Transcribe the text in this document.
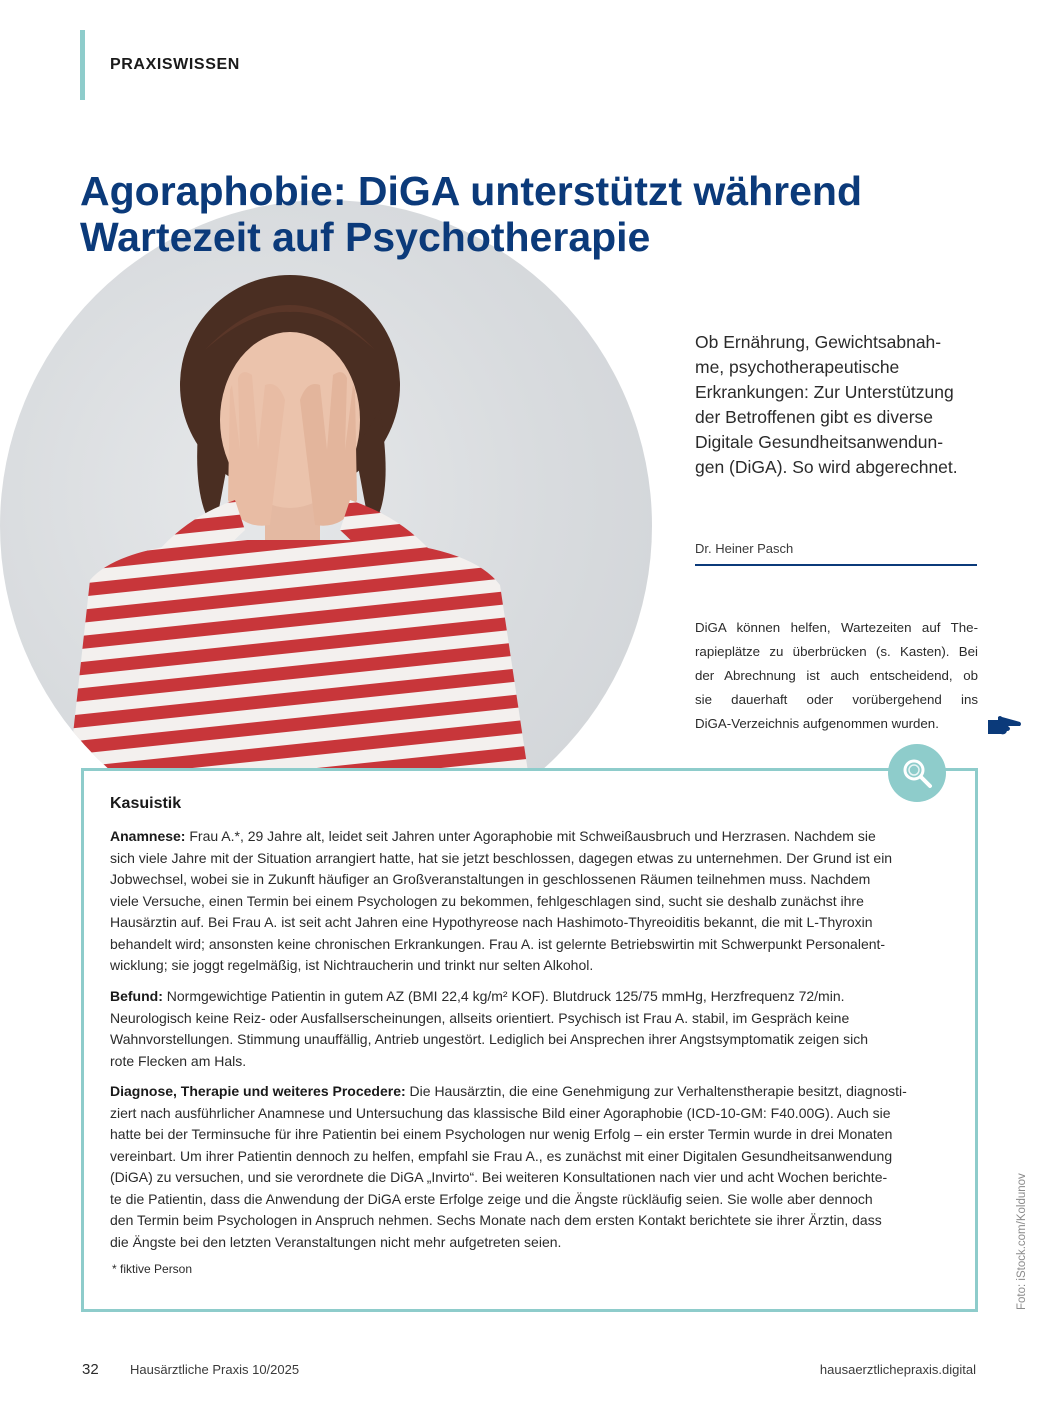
PRAXISWISSEN
Agoraphobie: DiGA unterstützt während
Wartezeit auf Psychotherapie
Ob Ernährung, Gewichtsabnah-
me, psychotherapeutische
Erkrankungen: Zur Unterstützung
der Betroffenen gibt es diverse
Digitale Gesundheitsanwendun-
gen (DiGA). So wird abgerechnet.
Dr. Heiner Pasch
DiGA können helfen, Wartezeiten auf The-
rapieplätze zu überbrücken (s. Kasten). Bei
der Abrechnung ist auch entscheidend, ob
sie dauerhaft oder vorübergehend ins
DiGA-Verzeichnis aufgenommen wurden.
Kasuistik
Anamnese: Frau A.*, 29 Jahre alt, leidet seit Jahren unter Agoraphobie mit Schweißausbruch und Herzrasen. Nachdem sie
sich viele Jahre mit der Situation arrangiert hatte, hat sie jetzt beschlossen, dagegen etwas zu unternehmen. Der Grund ist ein
Jobwechsel, wobei sie in Zukunft häufiger an Großveranstaltungen in geschlossenen Räumen teilnehmen muss. Nachdem
viele Versuche, einen Termin bei einem Psychologen zu bekommen, fehlgeschlagen sind, sucht sie deshalb zunächst ihre
Hausärztin auf. Bei Frau A. ist seit acht Jahren eine Hypothyreose nach Hashimoto-Thyreoiditis bekannt, die mit L-Thyroxin
behandelt wird; ansonsten keine chronischen Erkrankungen. Frau A. ist gelernte Betriebswirtin mit Schwerpunkt Personalent-
wicklung; sie joggt regelmäßig, ist Nichtraucherin und trinkt nur selten Alkohol.
Befund: Normgewichtige Patientin in gutem AZ (BMI 22,4 kg/m² KOF). Blutdruck 125/75 mmHg, Herzfrequenz 72/min.
Neurologisch keine Reiz- oder Ausfallserscheinungen, allseits orientiert. Psychisch ist Frau A. stabil, im Gespräch keine
Wahnvorstellungen. Stimmung unauffällig, Antrieb ungestört. Lediglich bei Ansprechen ihrer Angstsymptomatik zeigen sich
rote Flecken am Hals.
Diagnose, Therapie und weiteres Procedere: Die Hausärztin, die eine Genehmigung zur Verhaltenstherapie besitzt, diagnosti-
ziert nach ausführlicher Anamnese und Untersuchung das klassische Bild einer Agoraphobie (ICD-10-GM: F40.00G). Auch sie
hatte bei der Terminsuche für ihre Patientin bei einem Psychologen nur wenig Erfolg – ein erster Termin wurde in drei Monaten
vereinbart. Um ihrer Patientin dennoch zu helfen, empfahl sie Frau A., es zunächst mit einer Digitalen Gesundheitsanwendung
(DiGA) zu versuchen, und sie verordnete die DiGA „Invirto“. Bei weiteren Konsultationen nach vier und acht Wochen berichte-
te die Patientin, dass die Anwendung der DiGA erste Erfolge zeige und die Ängste rückläufig seien. Sie wolle aber dennoch
den Termin beim Psychologen in Anspruch nehmen. Sechs Monate nach dem ersten Kontakt berichtete sie ihrer Ärztin, dass
die Ängste bei den letzten Veranstaltungen nicht mehr aufgetreten seien.
* fiktive Person	Foto: iStock.com/Koldunov
32 Hausärztliche Praxis 10/2025	hausaerztlichepraxis.digital
